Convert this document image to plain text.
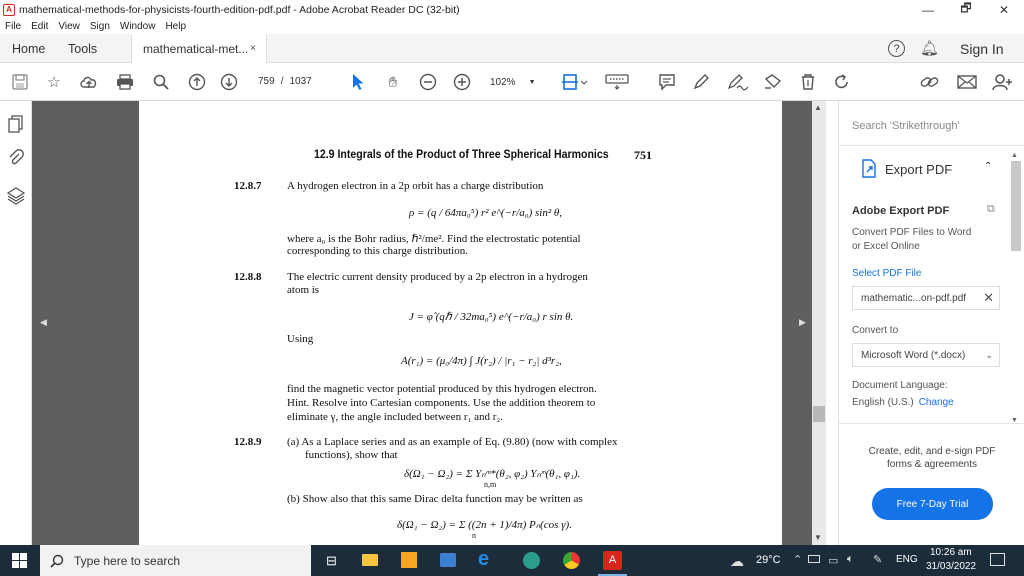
A mathematical-methods-for-physicists-fourth-edition-pdf.pdf - Adobe Acrobat Reader DC (32-bit)	—	🗗	✕
File Edit View Sign Window Help
Home Tools	mathematical-met... ×	?	🔔︎ Sign In
☆	759 / 1037	✋︎	102% ▼
◀	▶
12.9 Integrals of the Product of Three Spherical Harmonics 751
12.8.7 A hydrogen electron in a 2p orbit has a charge distribution
ρ = (q / 64πa₀⁵) r² e^(−r/a₀) sin² θ,
where a₀ is the Bohr radius, ℏ²/me². Find the electrostatic potential
corresponding to this charge distribution.
12.8.8 The electric current density produced by a 2p electron in a hydrogen
atom is
J = φ̂ (qℏ / 32ma₀⁵) e^(−r/a₀) r sin θ.
Using
A(r₁) = (μ₀/4π) ∫ J(r₂) / |r₁ − r₂| d³r₂,
find the magnetic vector potential produced by this hydrogen electron.
Hint. Resolve into Cartesian components. Use the addition theorem to
eliminate γ, the angle included between r₁ and r₂.
12.8.9 (a) As a Laplace series and as an example of Eq. (9.80) (now with complex
functions), show that
δ(Ω₁ − Ω₂) = Σ Yₙᵐ*(θ₂, φ₂) Yₙᵐ(θ₁, φ₁).
n,m
(b) Show also that this same Dirac delta function may be written as
δ(Ω₁ − Ω₂) = Σ ((2n + 1)/4π) Pₙ(cos γ).
n
▲
▼
Search 'Strikethrough'
Export PDF	⌃
Adobe Export PDF	⧉
Convert PDF Files to Word
or Excel Online
Select PDF File
mathematic...on-pdf.pdf ✕
Convert to
Microsoft Word (*.docx) ⌄
Document Language:
English (U.S.) Change
Create, edit, and e-sign PDF
forms & agreements
Free 7-Day Trial
▲
▼
Type here to search	⊟	e	A	☁︎ 29°C ⌃ ▭ 🔈︎ ✎ ENG
10:26 am
31/03/2022
